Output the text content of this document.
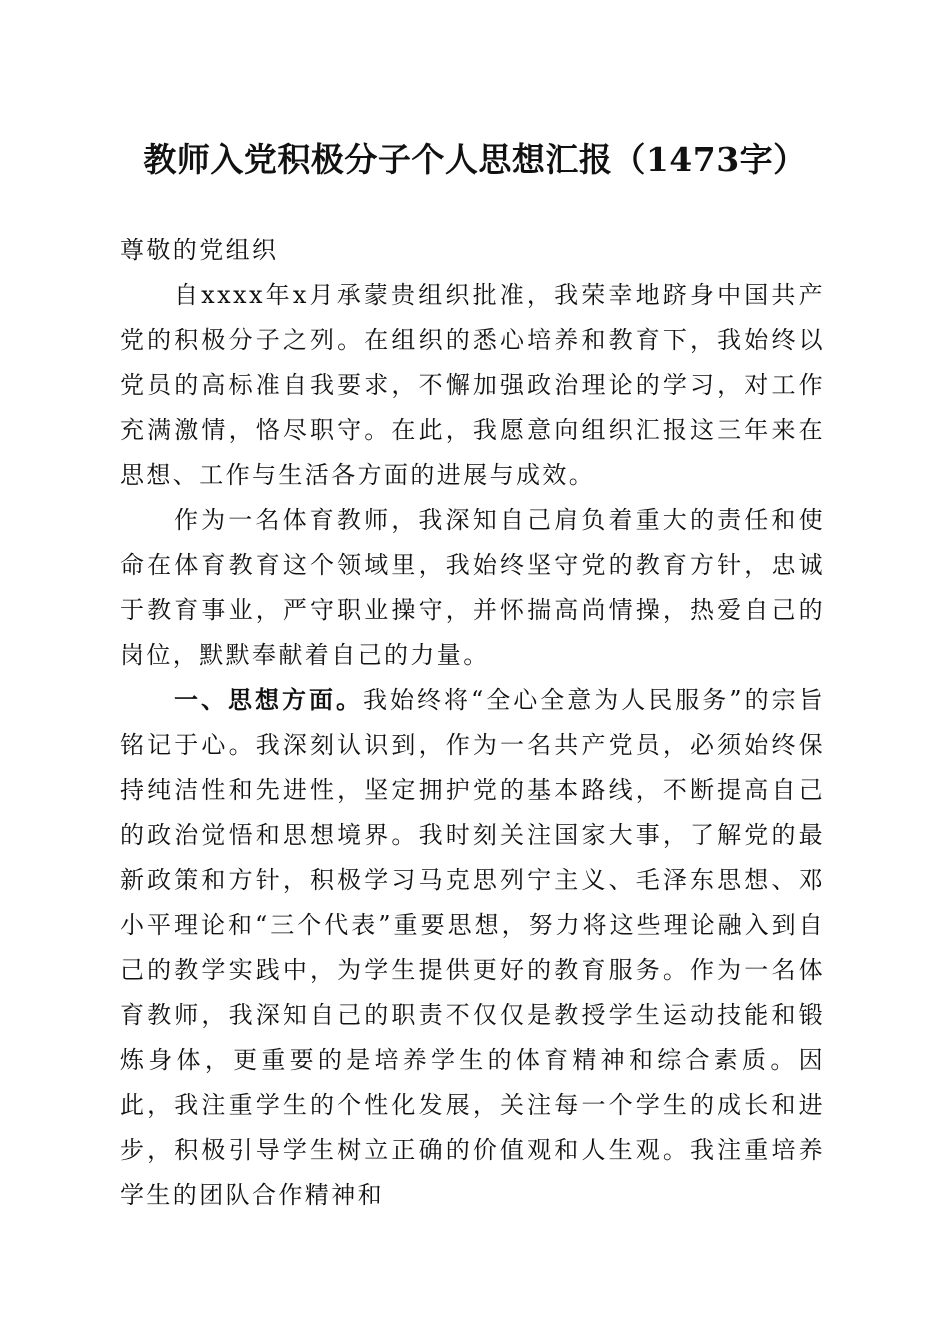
教师入党积极分子个人思想汇报（1473字）

尊敬的党组织

自xxxx年x月承蒙贵组织批准，我荣幸地跻身中国共产党的积极分子之列。在组织的悉心培养和教育下，我始终以党员的高标准自我要求，不懈加强政治理论的学习，对工作充满激情，恪尽职守。在此，我愿意向组织汇报这三年来在思想、工作与生活各方面的进展与成效。

作为一名体育教师，我深知自己肩负着重大的责任和使命在体育教育这个领域里，我始终坚守党的教育方针，忠诚于教育事业，严守职业操守，并怀揣高尚情操，热爱自己的岗位，默默奉献着自己的力量。

一、思想方面。我始终将“全心全意为人民服务”的宗旨铭记于心。我深刻认识到，作为一名共产党员，必须始终保持纯洁性和先进性，坚定拥护党的基本路线，不断提高自己的政治觉悟和思想境界。我时刻关注国家大事，了解党的最新政策和方针，积极学习马克思列宁主义、毛泽东思想、邓小平理论和“三个代表”重要思想，努力将这些理论融入到自己的教学实践中，为学生提供更好的教育服务。作为一名体育教师，我深知自己的职责不仅仅是教授学生运动技能和锻炼身体，更重要的是培养学生的体育精神和综合素质。因此，我注重学生的个性化发展，关注每一个学生的成长和进步，积极引导学生树立正确的价值观和人生观。我注重培养学生的团队合作精神和
